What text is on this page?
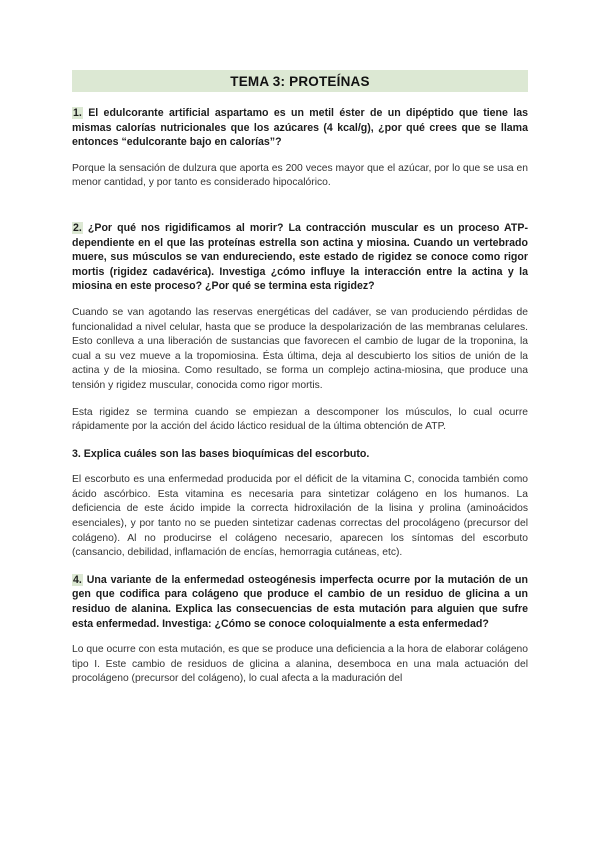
TEMA 3: PROTEÍNAS

1. El edulcorante artificial aspartamo es un metil éster de un dipéptido que tiene las mismas calorías nutricionales que los azúcares (4 kcal/g), ¿por qué crees que se llama entonces “edulcorante bajo en calorías”?

Porque la sensación de dulzura que aporta es 200 veces mayor que el azúcar, por lo que se usa en menor cantidad, y por tanto es considerado hipocalórico.

2. ¿Por qué nos rigidificamos al morir? La contracción muscular es un proceso ATP-dependiente en el que las proteínas estrella son actina y miosina. Cuando un vertebrado muere, sus músculos se van endureciendo, este estado de rigidez se conoce como rigor mortis (rigidez cadavérica). Investiga ¿cómo influye la interacción entre la actina y la miosina en este proceso? ¿Por qué se termina esta rigidez?

Cuando se van agotando las reservas energéticas del cadáver, se van produciendo pérdidas de funcionalidad a nivel celular, hasta que se produce la despolarización de las membranas celulares. Esto conlleva a una liberación de sustancias que favorecen el cambio de lugar de la troponina, la cual a su vez mueve a la tropomiosina. Ésta última, deja al descubierto los sitios de unión de la actina y de la miosina. Como resultado, se forma un complejo actina-miosina, que produce una tensión y rigidez muscular, conocida como rigor mortis.

Esta rigidez se termina cuando se empiezan a descomponer los músculos, lo cual ocurre rápidamente por la acción del ácido láctico residual de la última obtención de ATP.

3. Explica cuáles son las bases bioquímicas del escorbuto.

El escorbuto es una enfermedad producida por el déficit de la vitamina C, conocida también como ácido ascórbico. Esta vitamina es necesaria para sintetizar colágeno en los humanos. La deficiencia de este ácido impide la correcta hidroxilación de la lisina y prolina (aminoácidos esenciales), y por tanto no se pueden sintetizar cadenas correctas del procolágeno (precursor del colágeno). Al no producirse el colágeno necesario, aparecen los síntomas del escorbuto (cansancio, debilidad, inflamación de encías, hemorragia cutáneas, etc).

4. Una variante de la enfermedad osteogénesis imperfecta ocurre por la mutación de un gen que codifica para colágeno que produce el cambio de un residuo de glicina a un residuo de alanina. Explica las consecuencias de esta mutación para alguien que sufre esta enfermedad. Investiga: ¿Cómo se conoce coloquialmente a esta enfermedad?

Lo que ocurre con esta mutación, es que se produce una deficiencia a la hora de elaborar colágeno tipo I. Este cambio de residuos de glicina a alanina, desemboca en una mala actuación del procolágeno (precursor del colágeno), lo cual afecta a la maduración del
